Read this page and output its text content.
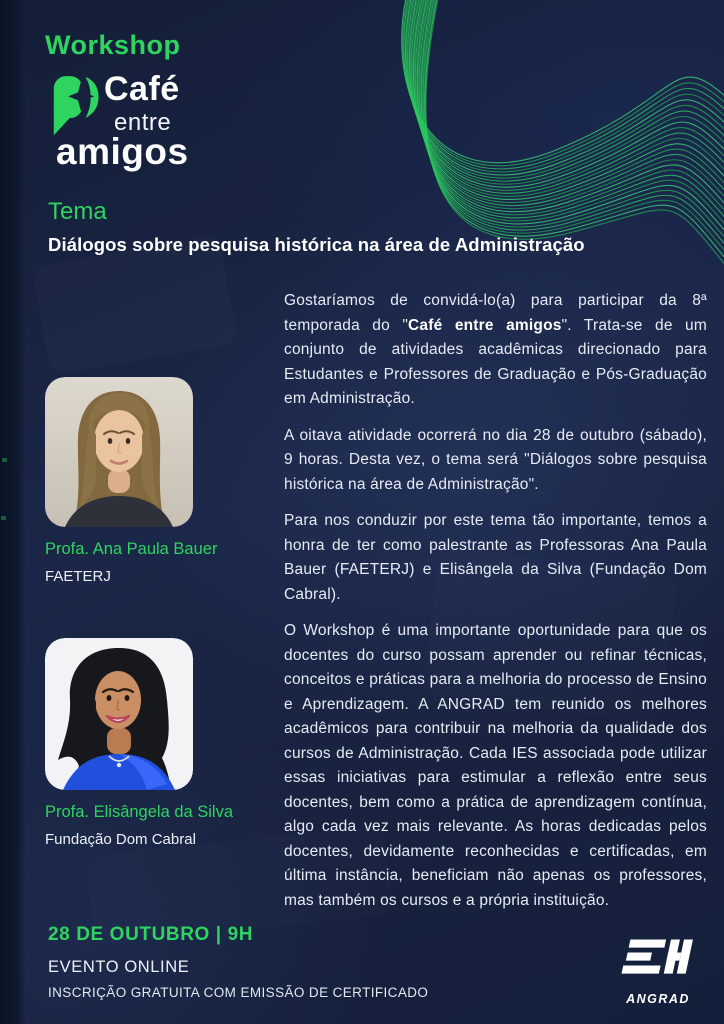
Workshop
Café
entre
amigos
Tema
Diálogos sobre pesquisa histórica na área de Administração

Gostaríamos de convidá-lo(a) para participar da 8ª temporada do "Café entre amigos". Trata-se de um conjunto de atividades acadêmicas direcionado para Estudantes e Professores de Graduação e Pós-Graduação em Administração.

A oitava atividade ocorrerá no dia 28 de outubro (sábado), 9 horas. Desta vez, o tema será "Diálogos sobre pesquisa histórica na área de Administração".

Para nos conduzir por este tema tão importante, temos a honra de ter como palestrante as Professoras Ana Paula Bauer (FAETERJ) e Elisângela da Silva (Fundação Dom Cabral).

O Workshop é uma importante oportunidade para que os docentes do curso possam aprender ou refinar técnicas, conceitos e práticas para a melhoria do processo de Ensino e Aprendizagem. A ANGRAD tem reunido os melhores acadêmicos para contribuir na melhoria da qualidade dos cursos de Administração. Cada IES associada pode utilizar essas iniciativas para estimular a reflexão entre seus docentes, bem como a prática de aprendizagem contínua, algo cada vez mais relevante. As horas dedicadas pelos docentes, devidamente reconhecidas e certificadas, em última instância, beneficiam não apenas os professores, mas também os cursos e a própria instituição.

Profa. Ana Paula Bauer
FAETERJ
Profa. Elisângela da Silva
Fundação Dom Cabral
28 DE OUTUBRO | 9H
EVENTO ONLINE
INSCRIÇÃO GRATUITA COM EMISSÃO DE CERTIFICADO	ANGRAD
